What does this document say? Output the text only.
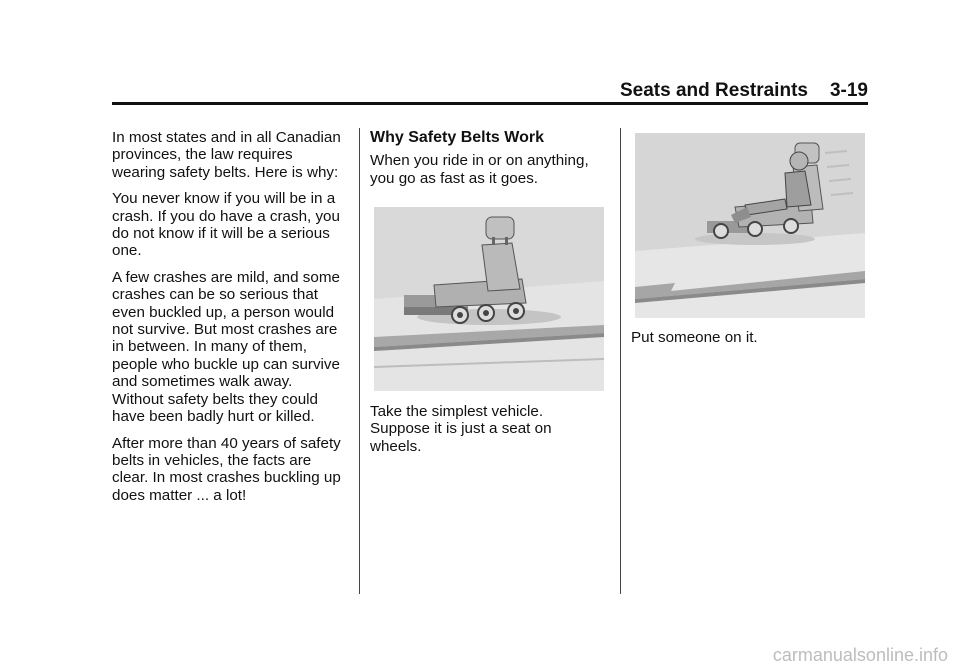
Seats and Restraints 3-19

In most states and in all Canadian provinces, the law requires wearing safety belts. Here is why:

You never know if you will be in a crash. If you do have a crash, you do not know if it will be a serious one.

A few crashes are mild, and some crashes can be so serious that even buckled up, a person would not survive. But most crashes are in between. In many of them, people who buckle up can survive and sometimes walk away. Without safety belts they could have been badly hurt or killed.

After more than 40 years of safety belts in vehicles, the facts are clear. In most crashes buckling up does matter ... a lot!

Why Safety Belts Work

When you ride in or on anything, you go as fast as it goes.

Take the simplest vehicle. Suppose it is just a seat on wheels.

Put someone on it.

carmanualsonline.info
